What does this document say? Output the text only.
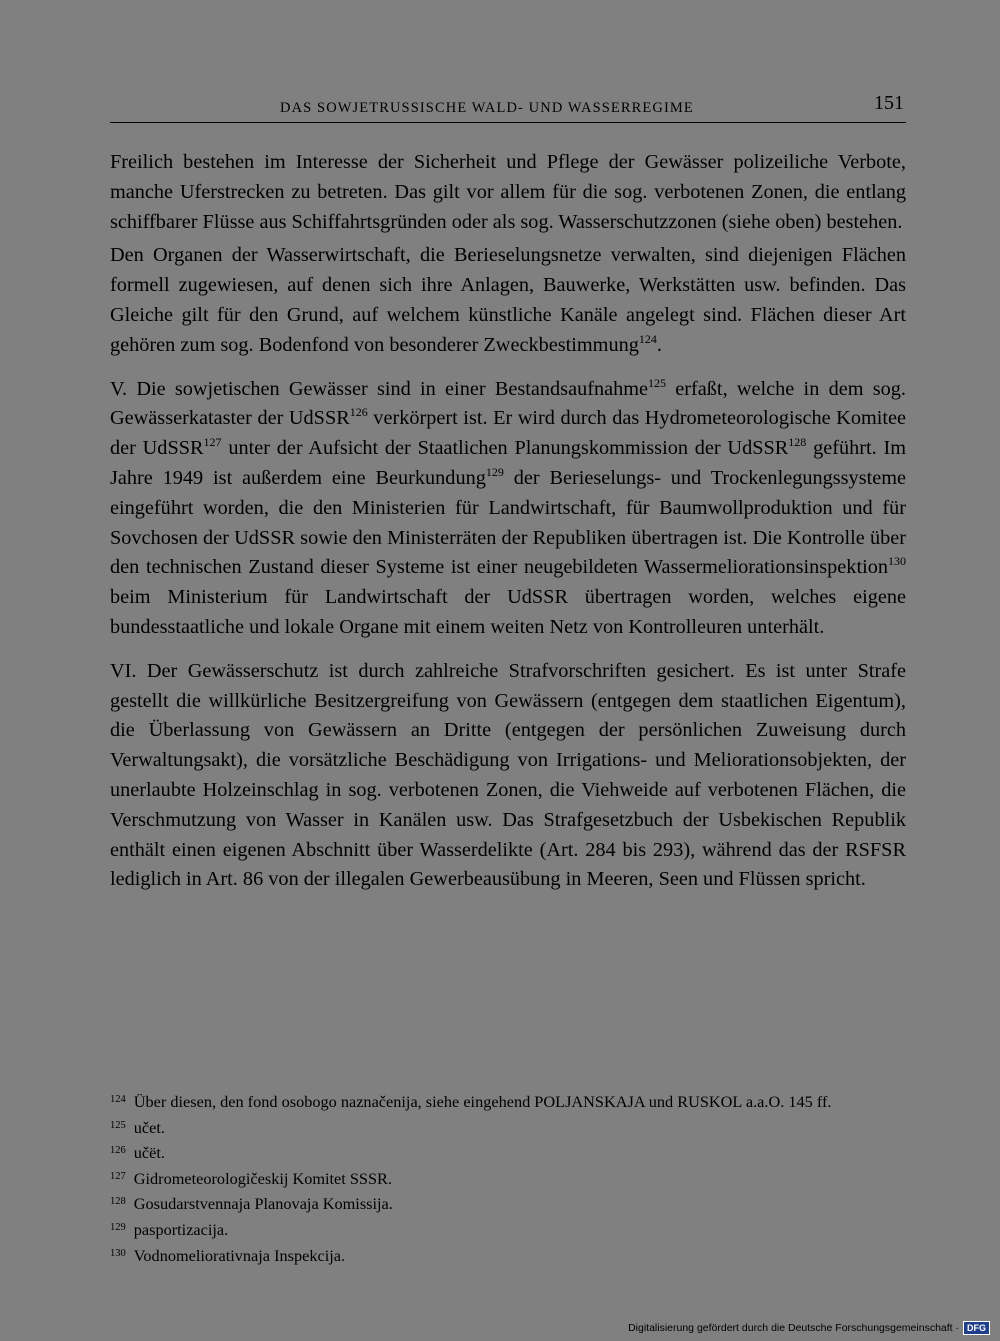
DAS SOWJETRUSSISCHE WALD- UND WASSERREGIME	151

Freilich bestehen im Interesse der Sicherheit und Pflege der Gewässer polizeiliche Verbote, manche Uferstrecken zu betreten. Das gilt vor allem für die sog. verbotenen Zonen, die entlang schiffbarer Flüsse aus Schiffahrtsgründen oder als sog. Wasserschutzzonen (siehe oben) bestehen.

Den Organen der Wasserwirtschaft, die Berieselungsnetze verwalten, sind diejenigen Flächen formell zugewiesen, auf denen sich ihre Anlagen, Bauwerke, Werkstätten usw. befinden. Das Gleiche gilt für den Grund, auf welchem künstliche Kanäle angelegt sind. Flächen dieser Art gehören zum sog. Bodenfond von besonderer Zweckbestimmung$^{124}$.

V. Die sowjetischen Gewässer sind in einer Bestandsaufnahme$^{125}$ erfaßt, welche in dem sog. Gewässerkataster der UdSSR$^{126}$ verkörpert ist. Er wird durch das Hydrometeorologische Komitee der UdSSR$^{127}$ unter der Aufsicht der Staatlichen Planungskommission der UdSSR$^{128}$ geführt. Im Jahre 1949 ist außerdem eine Beurkundung$^{129}$ der Berieselungs- und Trockenlegungssysteme eingeführt worden, die den Ministerien für Landwirtschaft, für Baumwollproduktion und für Sovchosen der UdSSR sowie den Ministerräten der Republiken übertragen ist. Die Kontrolle über den technischen Zustand dieser Systeme ist einer neugebildeten Wassermeliorationsinspektion$^{130}$ beim Ministerium für Landwirtschaft der UdSSR übertragen worden, welches eigene bundesstaatliche und lokale Organe mit einem weiten Netz von Kontrolleuren unterhält.

VI. Der Gewässerschutz ist durch zahlreiche Strafvorschriften gesichert. Es ist unter Strafe gestellt die willkürliche Besitzergreifung von Gewässern (entgegen dem staatlichen Eigentum), die Überlassung von Gewässern an Dritte (entgegen der persönlichen Zuweisung durch Verwaltungsakt), die vorsätzliche Beschädigung von Irrigations- und Meliorationsobjekten, der unerlaubte Holzeinschlag in sog. verbotenen Zonen, die Viehweide auf verbotenen Flächen, die Verschmutzung von Wasser in Kanälen usw. Das Strafgesetzbuch der Usbekischen Republik enthält einen eigenen Abschnitt über Wasserdelikte (Art. 284 bis 293), während das der RSFSR lediglich in Art. 86 von der illegalen Gewerbeausübung in Meeren, Seen und Flüssen spricht.

$^{124}$ Über diesen, den fond osobogo naznačenija, siehe eingehend POLJANSKAJA und RUSKOL a.a.O. 145 ff.

$^{125}$ učet.

$^{126}$ učët.

$^{127}$ Gidrometeorologičeskij Komitet SSSR.

$^{128}$ Gosudarstvennaja Planovaja Komissija.

$^{129}$ pasportizacija.

$^{130}$ Vodnomeliorativnaja Inspekcija.

Digitalisierung gefördert durch die Deutsche Forschungsgemeinschaft · DFG
